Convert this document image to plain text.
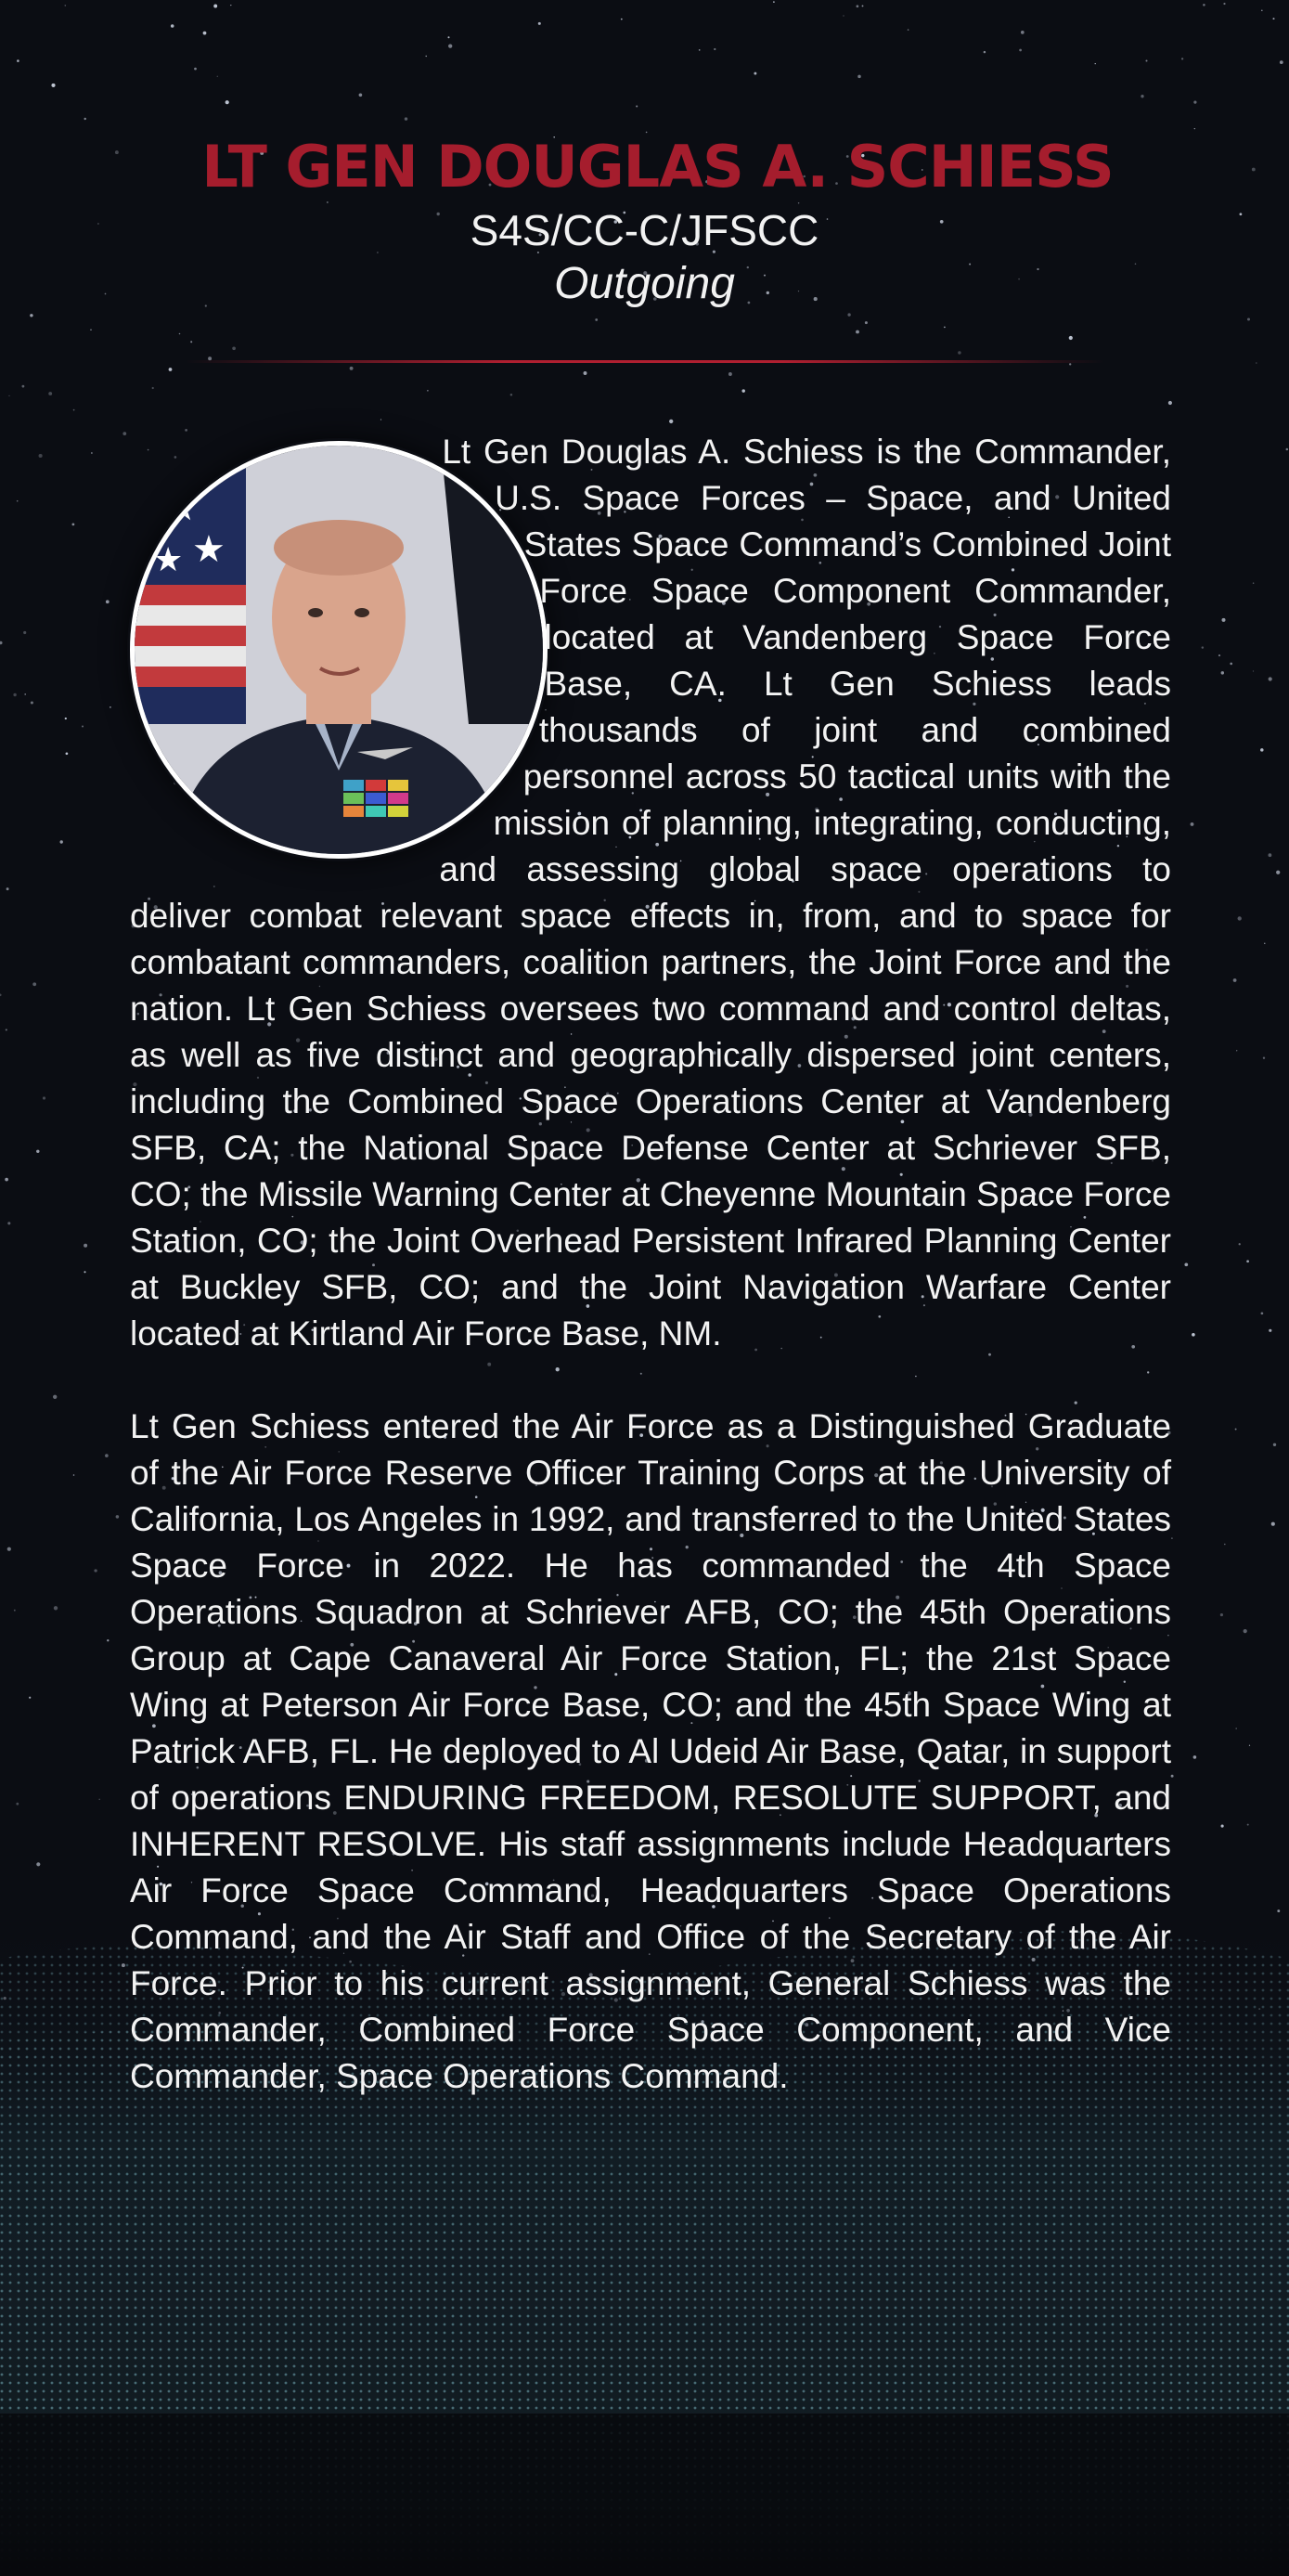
LT GEN DOUGLAS A. SCHIESS
S4S/CC-C/JFSCC
Outgoing
★
★
★

Lt Gen Douglas A. Schiess is the Commander, U.S. Space Forces – Space, and United States Space Command’s Combined Joint Force Space Component Commander, located at Vandenberg Space Force Base, CA. Lt Gen Schiess leads thousands of joint and combined personnel across 50 tactical units with the mission of planning, integrating, conducting, and assessing global space operations to deliver combat relevant space effects in, from, and to space for combatant commanders, coalition partners, the Joint Force and the nation. Lt Gen Schiess oversees two command and control deltas, as well as five distinct and geographically dispersed joint centers, including the Combined Space Operations Center at Vandenberg SFB, CA; the National Space Defense Center at Schriever SFB, CO; the Missile Warning Center at Cheyenne Mountain Space Force Station, CO; the Joint Overhead Persistent Infrared Planning Center at Buckley SFB, CO; and the Joint Navigation Warfare Center located at Kirtland Air Force Base, NM.

Lt Gen Schiess entered the Air Force as a Distinguished Graduate of the Air Force Reserve Officer Training Corps at the University of California, Los Angeles in 1992, and transferred to the United States Space Force in 2022. He has commanded the 4th Space Operations Squadron at Schriever AFB, CO; the 45th Operations Group at Cape Canaveral Air Force Station, FL; the 21st Space Wing at Peterson Air Force Base, CO; and the 45th Space Wing at Patrick AFB, FL. He deployed to Al Udeid Air Base, Qatar, in support of operations ENDURING FREEDOM, RESOLUTE SUPPORT, and INHERENT RESOLVE. His staff assignments include Headquarters Air Force Space Command, Headquarters Space Operations Command, and the Air Staff and Office of the Secretary of the Air Force. Prior to his current assignment, General Schiess was the Commander, Combined Force Space Component, and Vice Commander, Space Operations Command.
